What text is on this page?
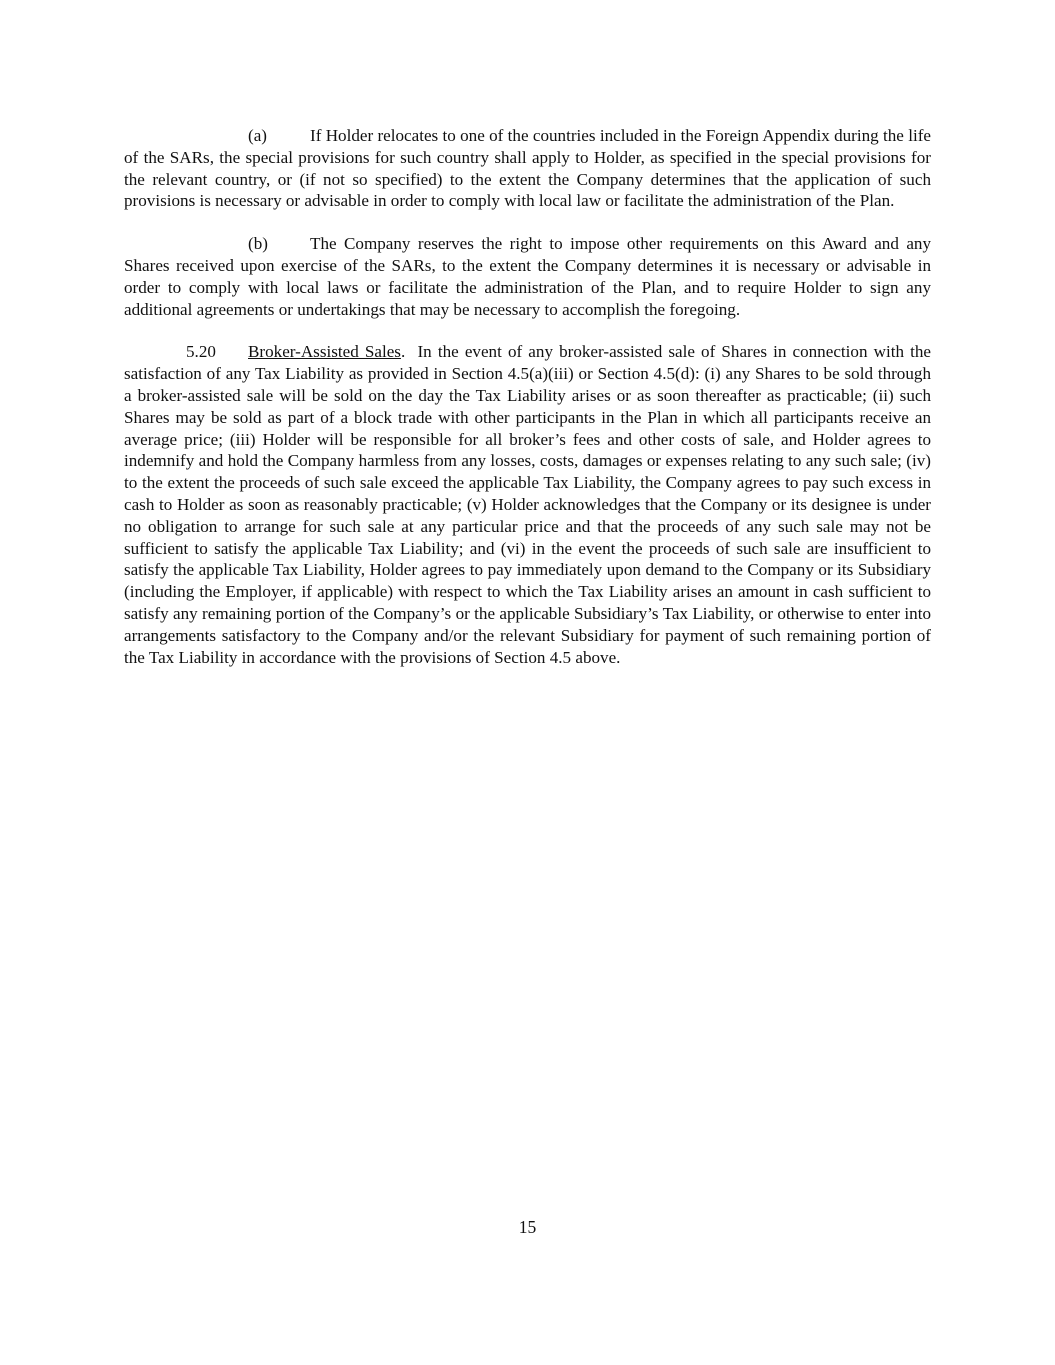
(a)	If Holder relocates to one of the countries included in the Foreign Appendix during the life of the SARs, the special provisions for such country shall apply to Holder, as specified in the special provisions for the relevant country, or (if not so specified) to the extent the Company determines that the application of such provisions is necessary or advisable in order to comply with local law or facilitate the administration of the Plan.

(b) The Company reserves the right to impose other requirements on this Award and any Shares received upon exercise of the SARs, to the extent the Company determines it is necessary or advisable in order to comply with local laws or facilitate the administration of the Plan, and to require Holder to sign any additional agreements or undertakings that may be necessary to accomplish the foregoing.

5.20 Broker-Assisted Sales. In the event of any broker-assisted sale of Shares in connection with the satisfaction of any Tax Liability as provided in Section 4.5(a)(iii) or Section 4.5(d): (i) any Shares to be sold through a broker-assisted sale will be sold on the day the Tax Liability arises or as soon thereafter as practicable; (ii) such Shares may be sold as part of a block trade with other participants in the Plan in which all participants receive an average price; (iii) Holder will be responsible for all broker’s fees and other costs of sale, and Holder agrees to indemnify and hold the Company harmless from any losses, costs, damages or expenses relating to any such sale; (iv) to the extent the proceeds of such sale exceed the applicable Tax Liability, the Company agrees to pay such excess in cash to Holder as soon as reasonably practicable; (v) Holder acknowledges that the Company or its designee is under no obligation to arrange for such sale at any particular price and that the proceeds of any such sale may not be sufficient to satisfy the applicable Tax Liability; and (vi) in the event the proceeds of such sale are insufficient to satisfy the applicable Tax Liability, Holder agrees to pay immediately upon demand to the Company or its Subsidiary (including the Employer, if applicable) with respect to which the Tax Liability arises an amount in cash sufficient to satisfy any remaining portion of the Company’s or the applicable Subsidiary’s Tax Liability, or otherwise to enter into arrangements satisfactory to the Company and/or the relevant Subsidiary for payment of such remaining portion of the Tax Liability in accordance with the provisions of Section 4.5 above.

15
